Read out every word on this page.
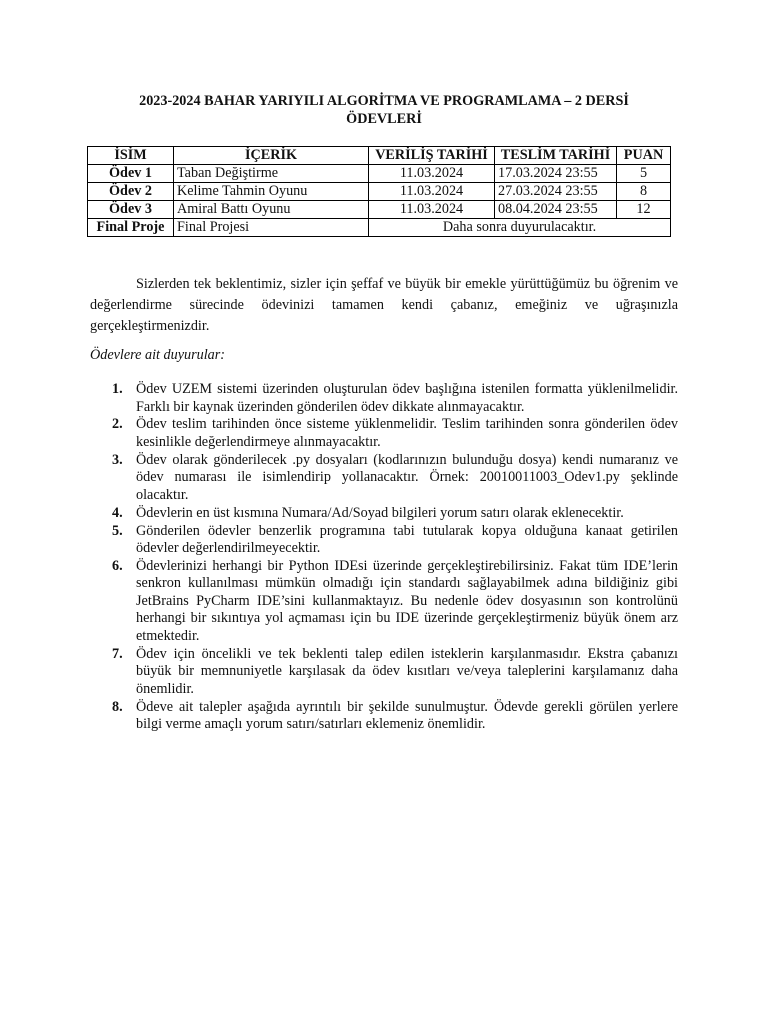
2023-2024 BAHAR YARIYILI ALGORİTMA VE PROGRAMLAMA – 2 DERSİ
ÖDEVLERİ
İSİM	İÇERİK	VERİLİŞ TARİHİ	TESLİM TARİHİ	PUAN
Ödev 1	Taban Değiştirme	11.03.2024	17.03.2024 23:55	5
Ödev 2	Kelime Tahmin Oyunu	11.03.2024	27.03.2024 23:55	8
Ödev 3	Amiral Battı Oyunu	11.03.2024	08.04.2024 23:55	12
Final Proje	Final Projesi	Daha sonra duyurulacaktır.		

Sizlerden tek beklentimiz, sizler için şeffaf ve büyük bir emekle yürüttüğümüz bu öğrenim ve değerlendirme sürecinde ödevinizi tamamen kendi çabanız, emeğiniz ve uğraşınızla gerçekleştirmenizdir.

Ödevlere ait duyurular:
1. Ödev UZEM sistemi üzerinden oluşturulan ödev başlığına istenilen formatta yüklenilmelidir. Farklı bir kaynak üzerinden gönderilen ödev dikkate alınmayacaktır.
2. Ödev teslim tarihinden önce sisteme yüklenmelidir. Teslim tarihinden sonra gönderilen ödev kesinlikle değerlendirmeye alınmayacaktır.
3. Ödev olarak gönderilecek .py dosyaları (kodlarınızın bulunduğu dosya) kendi numaranız ve ödev numarası ile isimlendirip yollanacaktır. Örnek: 20010011003_Odev1.py şeklinde olacaktır.
4. Ödevlerin en üst kısmına Numara/Ad/Soyad bilgileri yorum satırı olarak eklenecektir.
5. Gönderilen ödevler benzerlik programına tabi tutularak kopya olduğuna kanaat getirilen ödevler değerlendirilmeyecektir.
6. Ödevlerinizi herhangi bir Python IDEsi üzerinde gerçekleştirebilirsiniz. Fakat tüm IDE’lerin senkron kullanılması mümkün olmadığı için standardı sağlayabilmek adına bildiğiniz gibi JetBrains PyCharm IDE’sini kullanmaktayız. Bu nedenle ödev dosyasının son kontrolünü herhangi bir sıkıntıya yol açmaması için bu IDE üzerinde gerçekleştirmeniz büyük önem arz etmektedir.
7. Ödev için öncelikli ve tek beklenti talep edilen isteklerin karşılanmasıdır. Ekstra çabanızı büyük bir memnuniyetle karşılasak da ödev kısıtları ve/veya taleplerini karşılamanız daha önemlidir.
8. Ödeve ait talepler aşağıda ayrıntılı bir şekilde sunulmuştur. Ödevde gerekli görülen yerlere bilgi verme amaçlı yorum satırı/satırları eklemeniz önemlidir.
